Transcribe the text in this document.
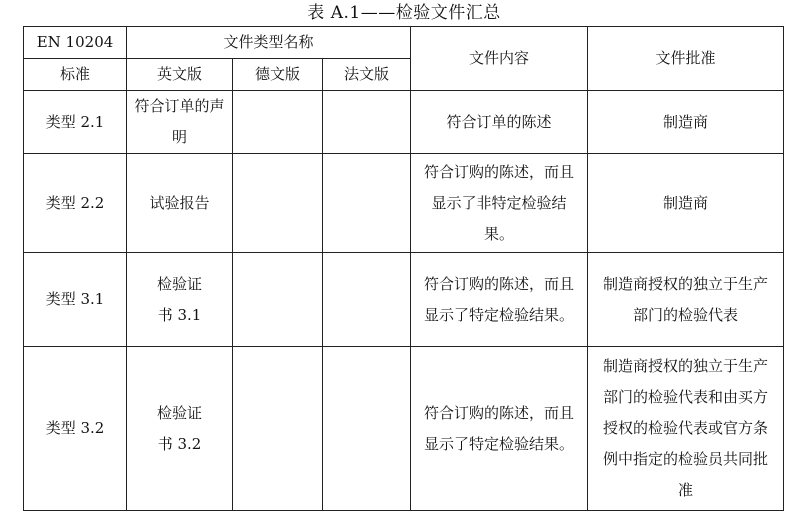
表 A.1——检验文件汇总
EN 10204	文件类型名称			文件内容	文件批准
标准	英文版	德文版	法文版		
类型 2.1	符合订单的声明			符合订单的陈述	制造商
类型 2.2	试验报告			符合订购的陈述，而且显示了非特定检验结果。	制造商
类型 3.1	检验证书 3.1			符合订购的陈述，而且显示了特定检验结果。	制造商授权的独立于生产部门的检验代表

类型 3.2	检验证书 3.2			符合订购的陈述，而且显示了特定检验结果。	制造商授权的独立于生产部门的检验代表和由买方授权的检验代表或官方条例中指定的检验员共同批准
